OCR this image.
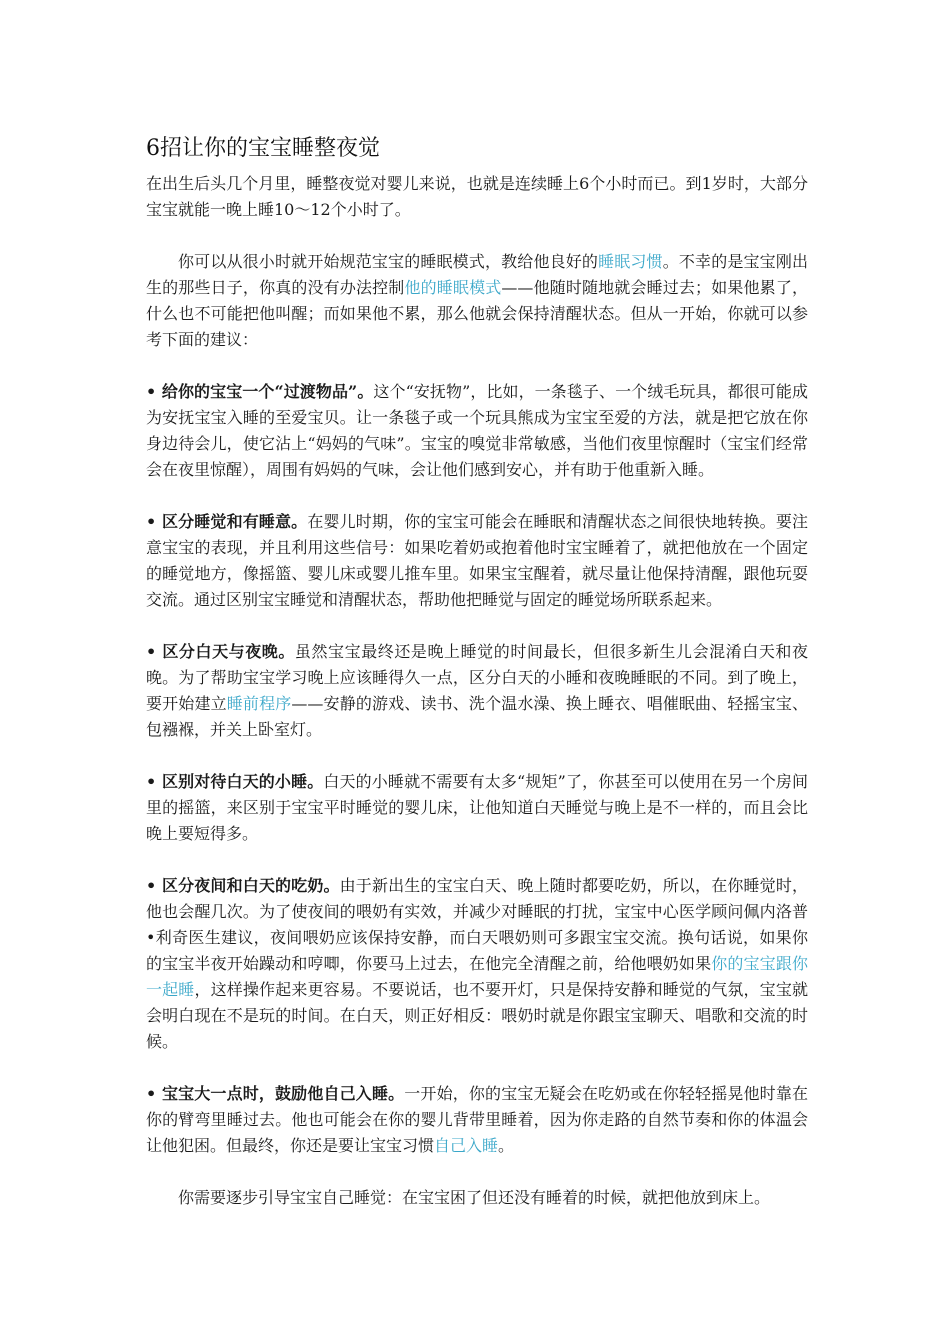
6招让你的宝宝睡整夜觉

在出生后头几个月里，睡整夜觉对婴儿来说，也就是连续睡上6个小时而已。到1岁时，大部分宝宝就能一晚上睡10～12个小时了。

你可以从很小时就开始规范宝宝的睡眠模式，教给他良好的睡眠习惯。不幸的是宝宝刚出生的那些日子，你真的没有办法控制他的睡眠模式——他随时随地就会睡过去；如果他累了，什么也不可能把他叫醒；而如果他不累，那么他就会保持清醒状态。但从一开始，你就可以参考下面的建议：

• 给你的宝宝一个“过渡物品”。这个“安抚物”，比如，一条毯子、一个绒毛玩具，都很可能成为安抚宝宝入睡的至爱宝贝。让一条毯子或一个玩具熊成为宝宝至爱的方法，就是把它放在你身边待会儿，使它沾上“妈妈的气味”。宝宝的嗅觉非常敏感，当他们夜里惊醒时（宝宝们经常会在夜里惊醒），周围有妈妈的气味，会让他们感到安心，并有助于他重新入睡。

• 区分睡觉和有睡意。在婴儿时期，你的宝宝可能会在睡眠和清醒状态之间很快地转换。要注意宝宝的表现，并且利用这些信号：如果吃着奶或抱着他时宝宝睡着了，就把他放在一个固定的睡觉地方，像摇篮、婴儿床或婴儿推车里。如果宝宝醒着，就尽量让他保持清醒，跟他玩耍交流。通过区别宝宝睡觉和清醒状态，帮助他把睡觉与固定的睡觉场所联系起来。

• 区分白天与夜晚。虽然宝宝最终还是晚上睡觉的时间最长，但很多新生儿会混淆白天和夜晚。为了帮助宝宝学习晚上应该睡得久一点，区分白天的小睡和夜晚睡眠的不同。到了晚上，要开始建立睡前程序——安静的游戏、读书、洗个温水澡、换上睡衣、唱催眠曲、轻摇宝宝、包襁褓，并关上卧室灯。

• 区别对待白天的小睡。白天的小睡就不需要有太多“规矩”了，你甚至可以使用在另一个房间里的摇篮，来区别于宝宝平时睡觉的婴儿床，让他知道白天睡觉与晚上是不一样的，而且会比晚上要短得多。

• 区分夜间和白天的吃奶。由于新出生的宝宝白天、晚上随时都要吃奶，所以，在你睡觉时，他也会醒几次。为了使夜间的喂奶有实效，并减少对睡眠的打扰，宝宝中心医学顾问佩内洛普•利奇医生建议，夜间喂奶应该保持安静，而白天喂奶则可多跟宝宝交流。换句话说，如果你的宝宝半夜开始躁动和哼唧，你要马上过去，在他完全清醒之前，给他喂奶如果你的宝宝跟你一起睡，这样操作起来更容易。不要说话，也不要开灯，只是保持安静和睡觉的气氛，宝宝就会明白现在不是玩的时间。在白天，则正好相反：喂奶时就是你跟宝宝聊天、唱歌和交流的时候。

• 宝宝大一点时，鼓励他自己入睡。一开始，你的宝宝无疑会在吃奶或在你轻轻摇晃他时靠在你的臂弯里睡过去。他也可能会在你的婴儿背带里睡着，因为你走路的自然节奏和你的体温会让他犯困。但最终，你还是要让宝宝习惯自己入睡。

你需要逐步引导宝宝自己睡觉：在宝宝困了但还没有睡着的时候，就把他放到床上。
